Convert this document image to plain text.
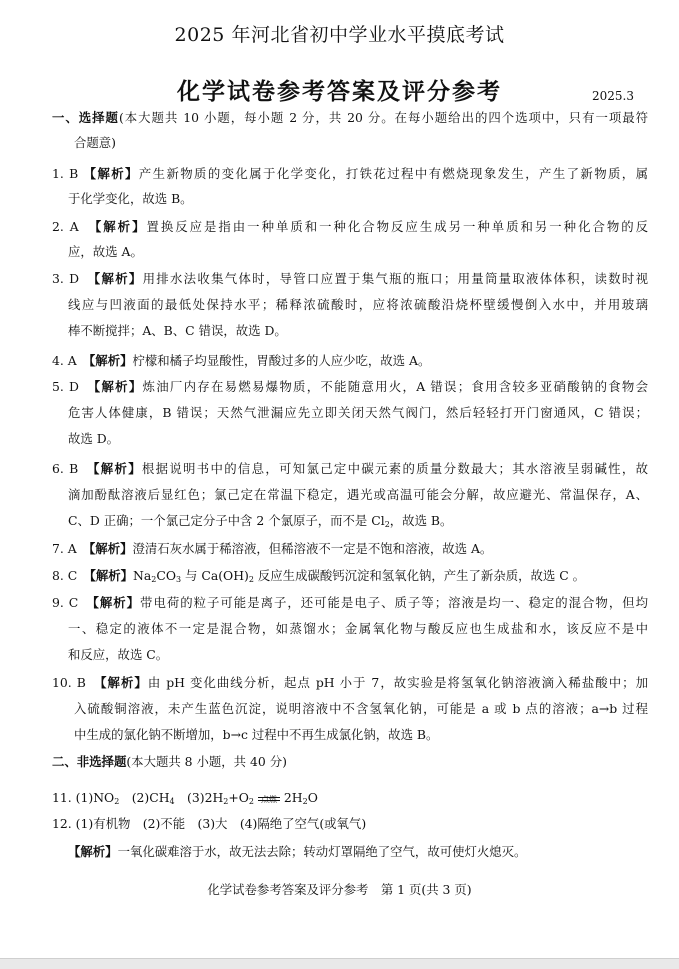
2025 年河北省初中学业水平摸底考试
化学试卷参考答案及评分参考	2025.3
一、选择题(本大题共 10 小题，每小题 2 分，共 20 分。在每小题给出的四个选项中，只有一项最符
合题意)
1. B 【解析】产生新物质的变化属于化学变化，打铁花过程中有燃烧现象发生，产生了新物质，属
于化学变化，故选 B。
2. A　 【解析】置换反应是指由一种单质和一种化合物反应生成另一种单质和另一种化合物的反
应，故选 A。
3. D　 【解析】用排水法收集气体时，导管口应置于集气瓶的瓶口；用量筒量取液体体积，读数时视
线应与凹液面的最低处保持水平；稀释浓硫酸时，应将浓硫酸沿烧杯壁缓慢倒入水中，并用玻璃
棒不断搅拌；A、B、C 错误，故选 D。
4. A　 【解析】柠檬和橘子均显酸性，胃酸过多的人应少吃，故选 A。
5. D　 【解析】炼油厂内存在易燃易爆物质，不能随意用火，A 错误；食用含较多亚硝酸钠的食物会
危害人体健康，B 错误；天然气泄漏应先立即关闭天然气阀门，然后轻轻打开门窗通风，C 错误；
故选 D。
6. B　 【解析】根据说明书中的信息，可知氯己定中碳元素的质量分数最大；其水溶液呈弱碱性，故
滴加酚酞溶液后显红色；氯己定在常温下稳定，遇光或高温可能会分解，故应避光、常温保存，A、
C、D 正确；一个氯己定分子中含 2 个氯原子，而不是 $Cl_2$，故选 B。
7. A　 【解析】澄清石灰水属于稀溶液，但稀溶液不一定是不饱和溶液，故选 A。
8. C　 【解析】$Na_2CO_3$ 与 $Ca(OH)_2$ 反应生成碳酸钙沉淀和氢氧化钠，产生了新杂质，故选 C 。
9. C　 【解析】带电荷的粒子可能是离子，还可能是电子、质子等；溶液是均一、稳定的混合物，但均
一、稳定的液体不一定是混合物，如蒸馏水；金属氧化物与酸反应也生成盐和水，该反应不是中
和反应，故选 C。
10. B　 【解析】由 pH 变化曲线分析，起点 pH 小于 7，故实验是将氢氧化钠溶液滴入稀盐酸中；加
入硫酸铜溶液，未产生蓝色沉淀，说明溶液中不含氢氧化钠，可能是 a 或 b 点的溶液；a→b 过程
中生成的氯化钠不断增加，b→c 过程中不再生成氯化钠，故选 B。
二、非选择题(本大题共 8 小题，共 40 分)
11. $(1)NO_2$　 $(2)CH_4$　 $(3)2H_2+O_2$ 点燃 $2H_2O$
12. (1)有机物　(2)不能　(3)大　(4)隔绝了空气(或氧气)
【解析】一氧化碳难溶于水，故无法去除；转动灯罩隔绝了空气，故可使灯火熄灭。
化学试卷参考答案及评分参考　第 1 页(共 3 页)
